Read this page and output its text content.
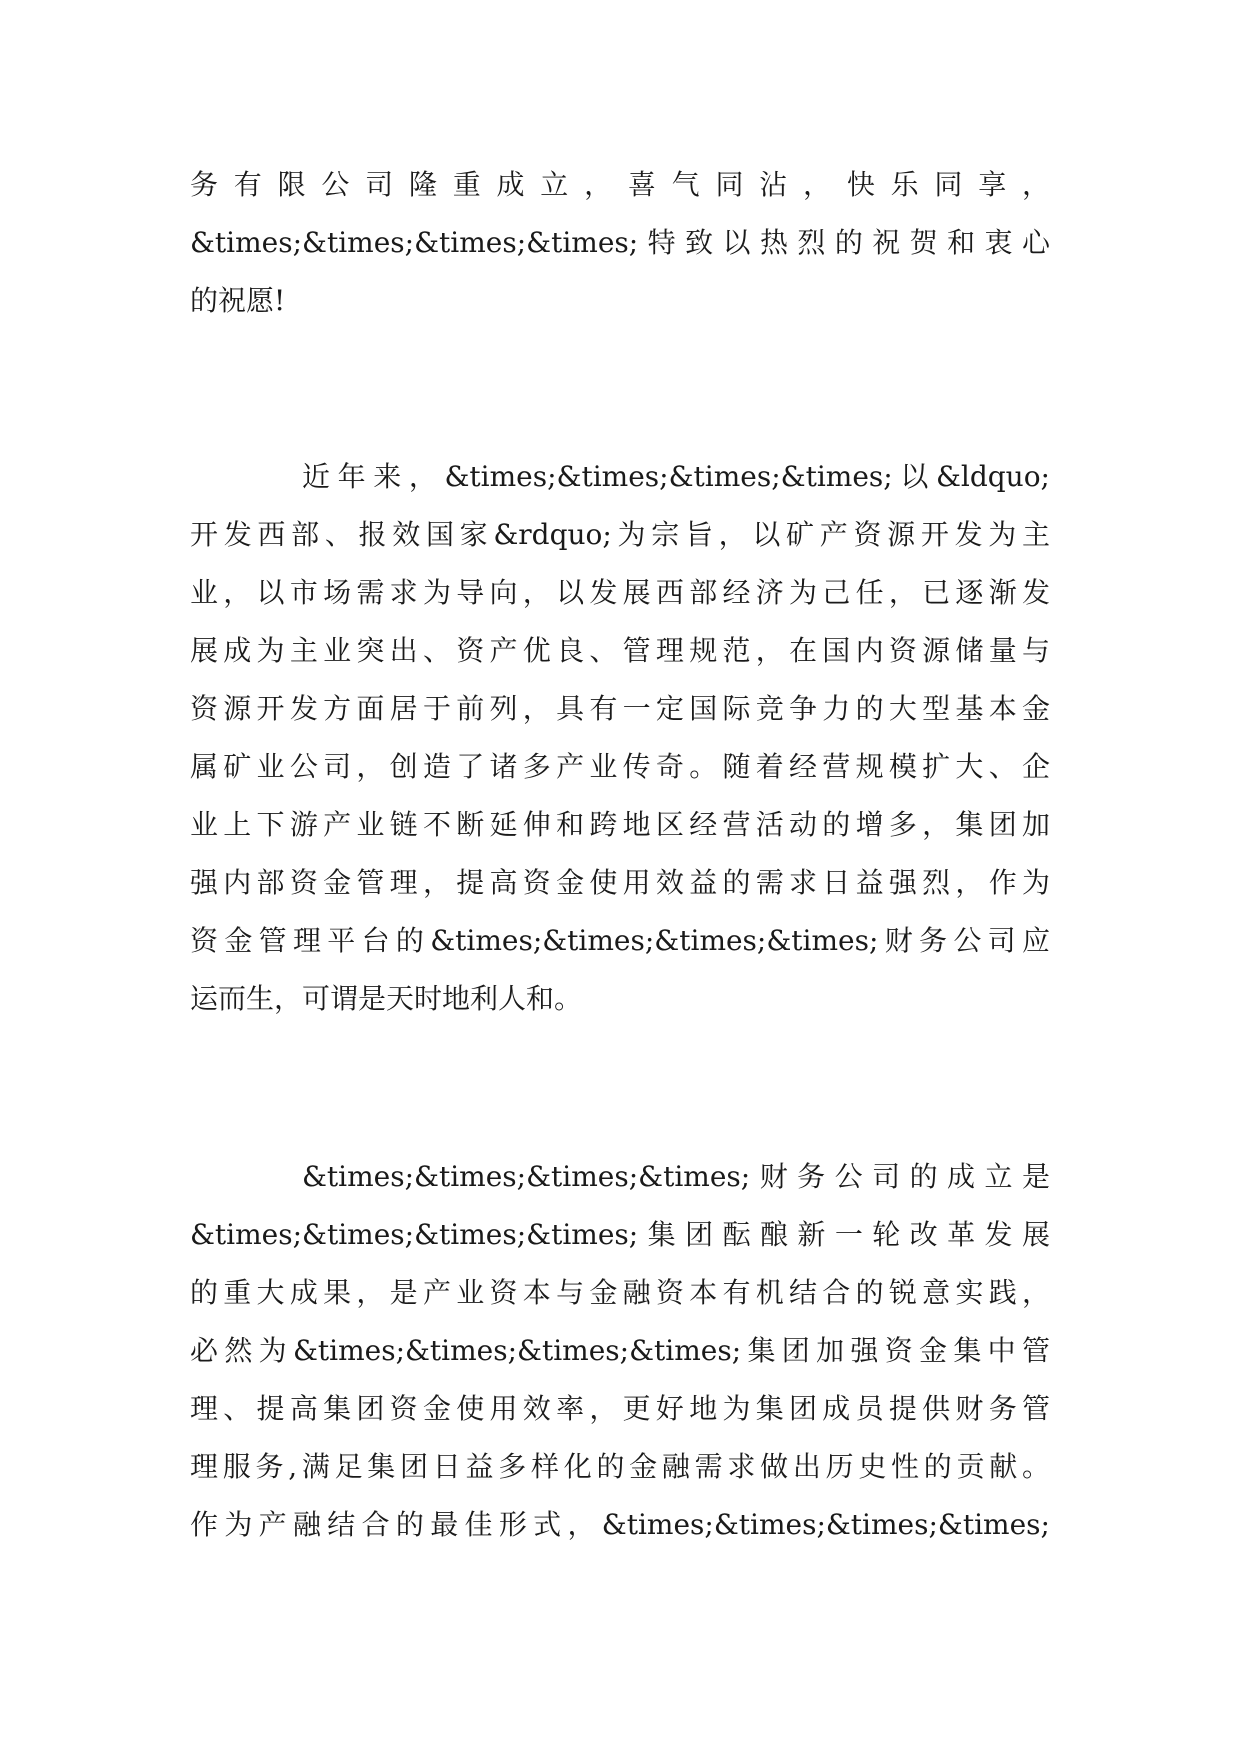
务有限公司隆重成立，喜气同沾，快乐同享，
&times;&times;&times;&times;特致以热烈的祝贺和衷心
的祝愿!
近年来，&times;&times;&times;&times;以&ldquo;
开发西部、报效国家&rdquo;为宗旨，以矿产资源开发为主
业，以市场需求为导向，以发展西部经济为己任，已逐渐发
展成为主业突出、资产优良、管理规范，在国内资源储量与
资源开发方面居于前列，具有一定国际竞争力的大型基本金
属矿业公司，创造了诸多产业传奇。随着经营规模扩大、企
业上下游产业链不断延伸和跨地区经营活动的增多，集团加
强内部资金管理，提高资金使用效益的需求日益强烈，作为
资金管理平台的&times;&times;&times;&times;财务公司应
运而生，可谓是天时地利人和。
&times;&times;&times;&times;财务公司的成立是
&times;&times;&times;&times;集团酝酿新一轮改革发展
的重大成果，是产业资本与金融资本有机结合的锐意实践，
必然为&times;&times;&times;&times;集团加强资金集中管
理、提高集团资金使用效率，更好地为集团成员提供财务管
理服务,满足集团日益多样化的金融需求做出历史性的贡献。
作为产融结合的最佳形式，&times;&times;&times;&times;
